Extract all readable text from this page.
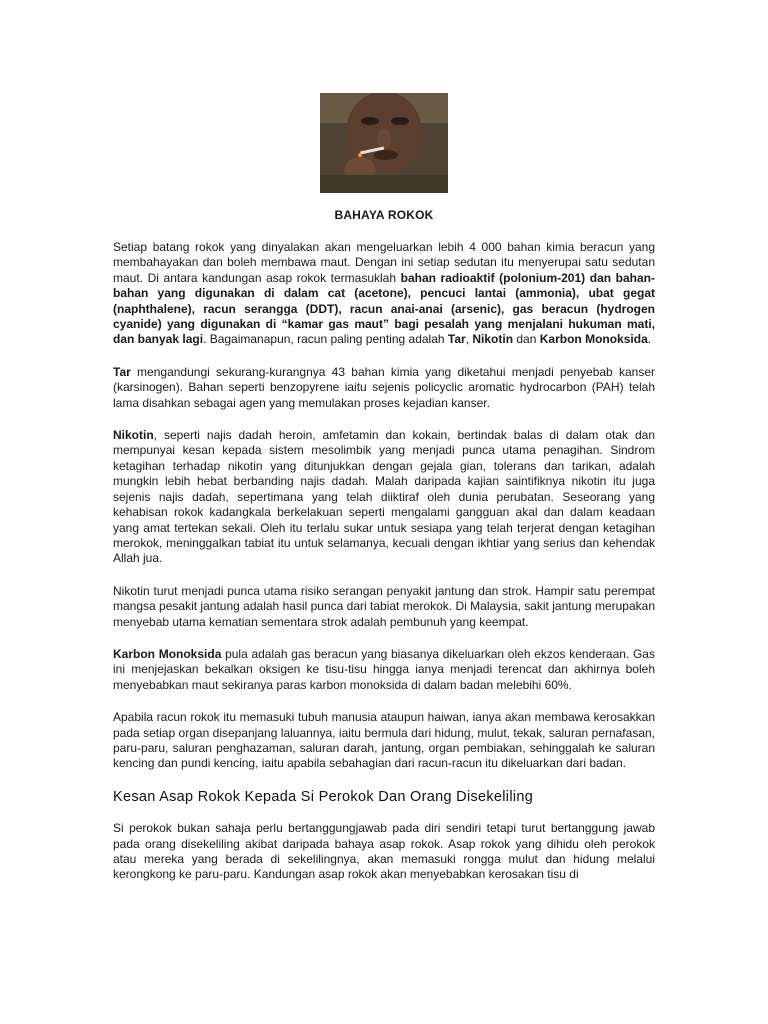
BAHAYA ROKOK

Setiap batang rokok yang dinyalakan akan mengeluarkan lebih 4 000 bahan kimia beracun yang membahayakan dan boleh membawa maut. Dengan ini setiap sedutan itu menyerupai satu sedutan maut. Di antara kandungan asap rokok termasuklah bahan radioaktif (polonium-201) dan bahan-bahan yang digunakan di dalam cat (acetone), pencuci lantai (ammonia), ubat gegat (naphthalene), racun serangga (DDT), racun anai-anai (arsenic), gas beracun (hydrogen cyanide) yang digunakan di “kamar gas maut” bagi pesalah yang menjalani hukuman mati, dan banyak lagi. Bagaimanapun, racun paling penting adalah Tar, Nikotin dan Karbon Monoksida.

Tar mengandungi sekurang-kurangnya 43 bahan kimia yang diketahui menjadi penyebab kanser (karsinogen). Bahan seperti benzopyrene iaitu sejenis policyclic aromatic hydrocarbon (PAH) telah lama disahkan sebagai agen yang memulakan proses kejadian kanser.

Nikotin, seperti najis dadah heroin, amfetamin dan kokain, bertindak balas di dalam otak dan mempunyai kesan kepada sistem mesolimbik yang menjadi punca utama penagihan. Sindrom ketagihan terhadap nikotin yang ditunjukkan dengan gejala gian, tolerans dan tarikan, adalah mungkin lebih hebat berbanding najis dadah. Malah daripada kajian saintifiknya nikotin itu juga sejenis najis dadah, sepertimana yang telah diiktiraf oleh dunia perubatan. Seseorang yang kehabisan rokok kadangkala berkelakuan seperti mengalami gangguan akal dan dalam keadaan yang amat tertekan sekali. Oleh itu terlalu sukar untuk sesiapa yang telah terjerat dengan ketagihan merokok, meninggalkan tabiat itu untuk selamanya, kecuali dengan ikhtiar yang serius dan kehendak Allah jua.

Nikotin turut menjadi punca utama risiko serangan penyakit jantung dan strok. Hampir satu perempat mangsa pesakit jantung adalah hasil punca dari tabiat merokok. Di Malaysia, sakit jantung merupakan menyebab utama kematian sementara strok adalah pembunuh yang keempat.

Karbon Monoksida pula adalah gas beracun yang biasanya dikeluarkan oleh ekzos kenderaan. Gas ini menjejaskan bekalkan oksigen ke tisu-tisu hingga ianya menjadi terencat dan akhirnya boleh menyebabkan maut sekiranya paras karbon monoksida di dalam badan melebihi 60%.

Apabila racun rokok itu memasuki tubuh manusia ataupun haiwan, ianya akan membawa kerosakkan pada setiap organ disepanjang laluannya, iaitu bermula dari hidung, mulut, tekak, saluran pernafasan, paru-paru, saluran penghazaman, saluran darah, jantung, organ pembiakan, sehinggalah ke saluran kencing dan pundi kencing, iaitu apabila sebahagian dari racun-racun itu dikeluarkan dari badan.

Kesan Asap Rokok Kepada Si Perokok Dan Orang Disekeliling

Si perokok bukan sahaja perlu bertanggungjawab pada diri sendiri tetapi turut bertanggung jawab pada orang disekeliling akibat daripada bahaya asap rokok. Asap rokok yang dihidu oleh perokok atau mereka yang berada di sekelilingnya, akan memasuki rongga mulut dan hidung melalui kerongkong ke paru-paru. Kandungan asap rokok akan menyebabkan kerosakan tisu di
